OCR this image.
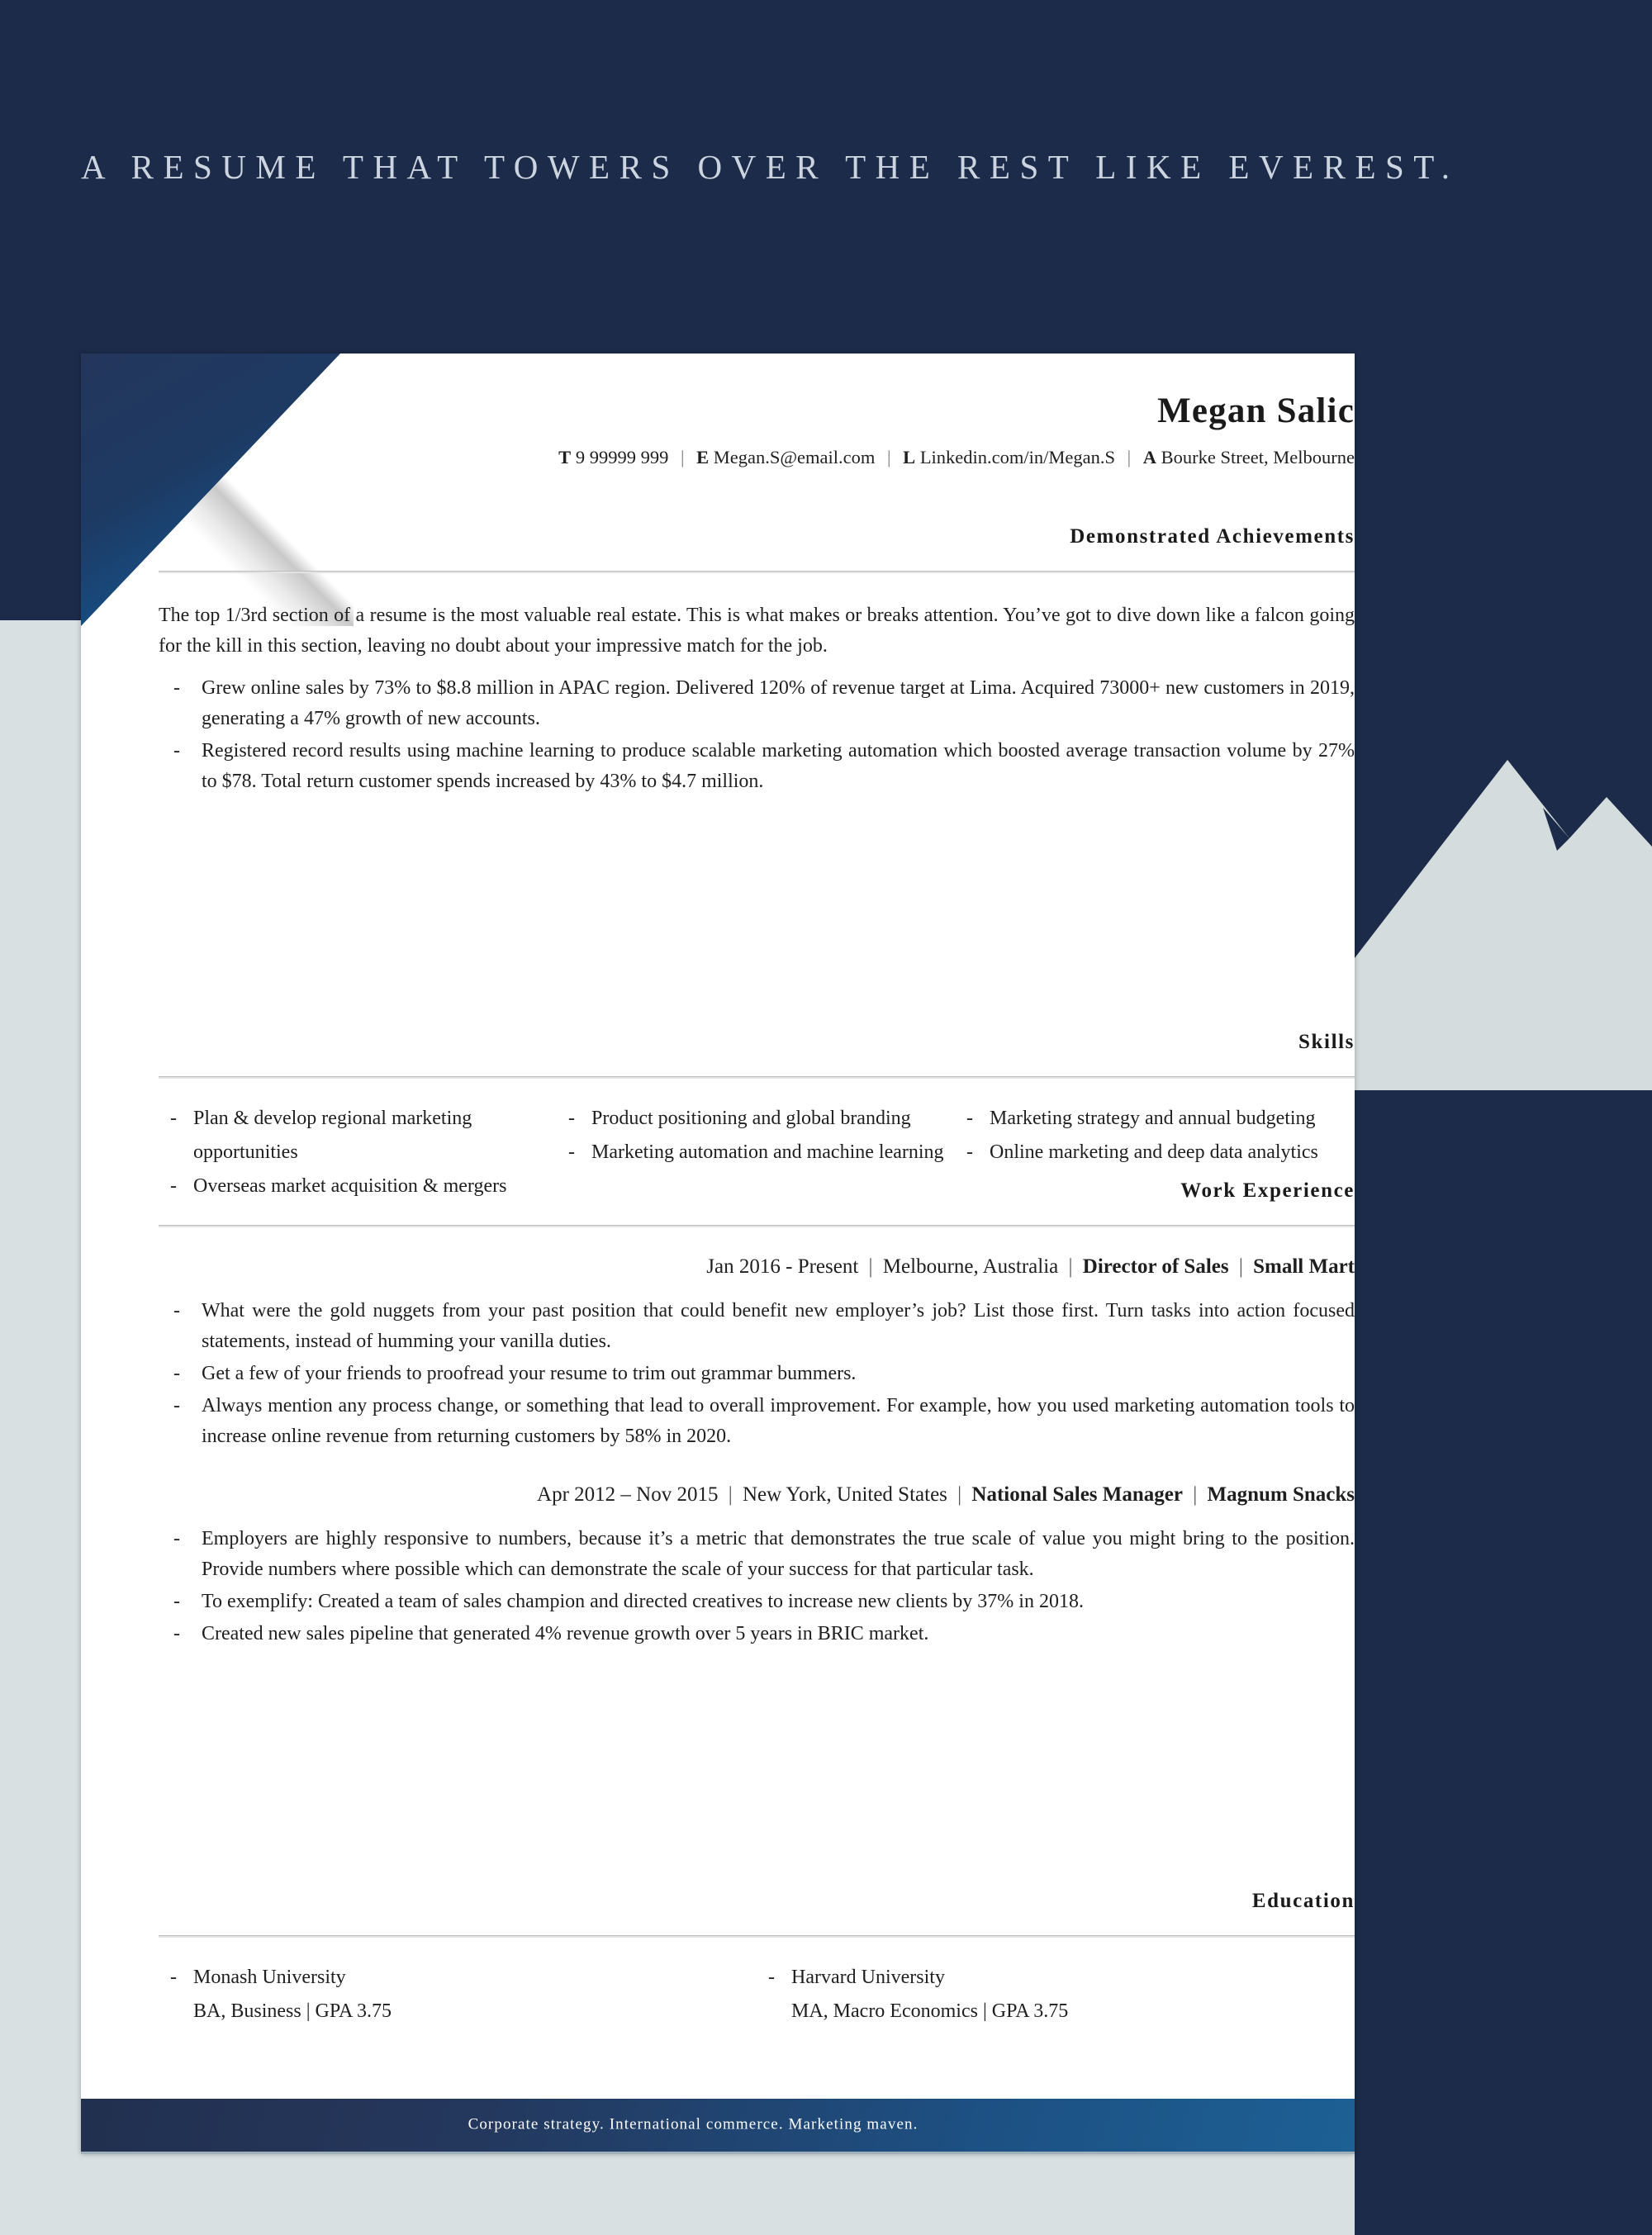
A RESUME THAT TOWERS OVER THE REST LIKE EVEREST.
Megan Salic
T 9 99999 999 | E Megan.S@email.com | L Linkedin.com/in/Megan.S | A Bourke Street, Melbourne
Demonstrated Achievements
The top 1/3rd section of a resume is the most valuable real estate. This is what makes or breaks attention. You’ve got to dive down like a falcon going for the kill in this section, leaving no doubt about your impressive match for the job.
- Grew online sales by 73% to $8.8 million in APAC region. Delivered 120% of revenue target at Lima. Acquired 73000+ new customers in 2019, generating a 47% growth of new accounts.
- Registered record results using machine learning to produce scalable marketing automation which boosted average transaction volume by 27% to $78. Total return customer spends increased by 43% to $4.7 million.
Skills
- Plan & develop regional marketing opportunities
- Overseas market acquisition & mergers
- Product positioning and global branding
- Marketing automation and machine learning
- Marketing strategy and annual budgeting
- Online marketing and deep data analytics
Work Experience
Jan 2016 - Present | Melbourne, Australia | Director of Sales | Small Mart
- What were the gold nuggets from your past position that could benefit new employer’s job? List those first. Turn tasks into action focused statements, instead of humming your vanilla duties.
- Get a few of your friends to proofread your resume to trim out grammar bummers.
- Always mention any process change, or something that lead to overall improvement. For example, how you used marketing automation tools to increase online revenue from returning customers by 58% in 2020.
Apr 2012 – Nov 2015 | New York, United States | National Sales Manager | Magnum Snacks
- Employers are highly responsive to numbers, because it’s a metric that demonstrates the true scale of value you might bring to the position. Provide numbers where possible which can demonstrate the scale of your success for that particular task.
- To exemplify: Created a team of sales champion and directed creatives to increase new clients by 37% in 2018.
- Created new sales pipeline that generated 4% revenue growth over 5 years in BRIC market.
Education
- Monash University
BA, Business | GPA 3.75
- Harvard University
MA, Macro Economics | GPA 3.75
Corporate strategy. International commerce. Marketing maven.
